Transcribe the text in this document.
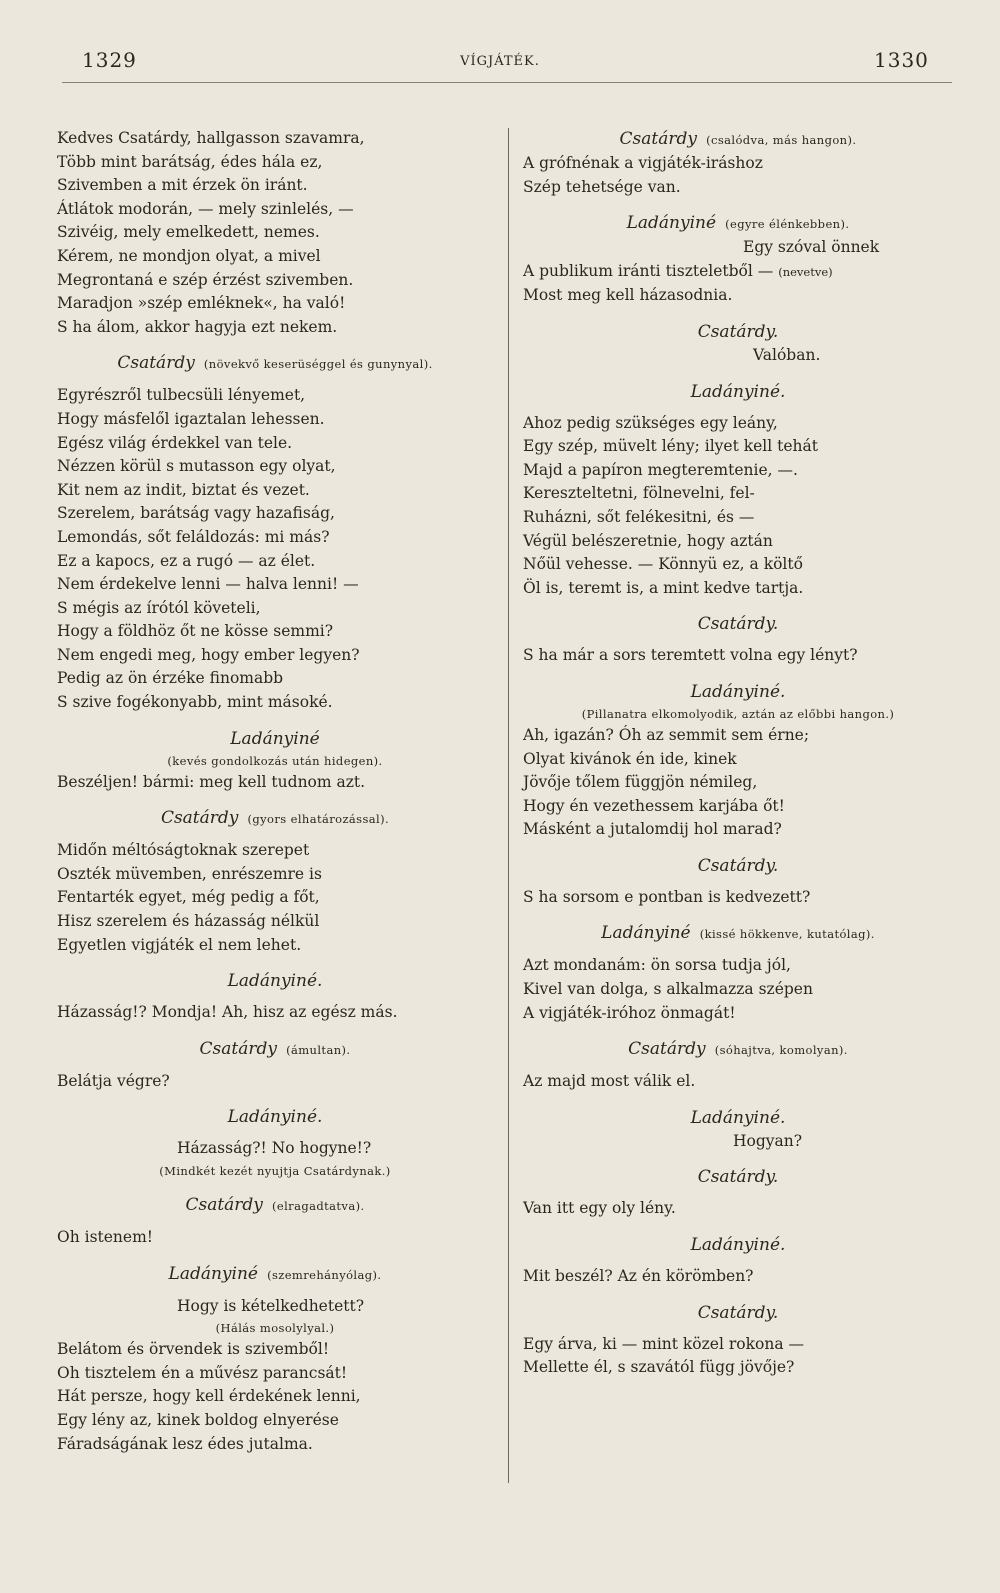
1329	VÍGJÁTÉK.	1330
Kedves Csatárdy, hallgasson szavamra,
Több mint barátság, édes hála ez,
Szivemben a mit érzek ön iránt.
Átlátok modorán, — mely szinlelés, —
Szivéig, mely emelkedett, nemes.
Kérem, ne mondjon olyat, a mivel
Megrontaná e szép érzést szivemben.
Maradjon »szép emléknek«, ha való!
S ha álom, akkor hagyja ezt nekem.
Csatárdy (növekvő keserüséggel és gunynyal).
Egyrészről tulbecsüli lényemet,
Hogy másfelől igaztalan lehessen.
Egész világ érdekkel van tele.
Nézzen körül s mutasson egy olyat,
Kit nem az indit, biztat és vezet.
Szerelem, barátság vagy hazafiság,
Lemondás, sőt feláldozás: mi más?
Ez a kapocs, ez a rugó — az élet.
Nem érdekelve lenni — halva lenni! —
S mégis az írótól követeli,
Hogy a földhöz őt ne kösse semmi?
Nem engedi meg, hogy ember legyen?
Pedig az ön érzéke finomabb
S szive fogékonyabb, mint másoké.
Ladányiné
(kevés gondolkozás után hidegen).
Beszéljen! bármi: meg kell tudnom azt.
Csatárdy (gyors elhatározással).
Midőn méltóságtoknak szerepet
Oszték müvemben, enrészemre is
Fentarték egyet, még pedig a főt,
Hisz szerelem és házasság nélkül
Egyetlen vigjáték el nem lehet.
Ladányiné.
Házasság!? Mondja! Ah, hisz az egész más.
Csatárdy (ámultan).
Belátja végre?
Ladányiné.
Házasság?! No hogyne!?
(Mindkét kezét nyujtja Csatárdynak.)
Csatárdy (elragadtatva).
Oh istenem!
Ladányiné (szemrehányólag).
Hogy is kételkedhetett?
(Hálás mosolylyal.)
Belátom és örvendek is szivemből!
Oh tisztelem én a művész parancsát!
Hát persze, hogy kell érdekének lenni,
Egy lény az, kinek boldog elnyerése
Fáradságának lesz édes jutalma.
Csatárdy (csalódva, más hangon).
A grófnénak a vigjáték-iráshoz
Szép tehetsége van.
Ladányiné (egyre élénkebben).
Egy szóval önnek
A publikum iránti tiszteletből — (nevetve)
Most meg kell házasodnia.
Csatárdy.
Valóban.
Ladányiné.
Ahoz pedig szükséges egy leány,
Egy szép, müvelt lény; ilyet kell tehát
Majd a papíron megteremtenie, —.
Kereszteltetni, fölnevelni, fel-
Ruházni, sőt felékesitni, és —
Végül belészeretnie, hogy aztán
Nőül vehesse. — Könnyü ez, a költő
Öl is, teremt is, a mint kedve tartja.
Csatárdy.
S ha már a sors teremtett volna egy lényt?
Ladányiné.
(Pillanatra elkomolyodik, aztán az előbbi hangon.)
Ah, igazán? Óh az semmit sem érne;
Olyat kivánok én ide, kinek
Jövője tőlem függjön némileg,
Hogy én vezethessem karjába őt!
Másként a jutalomdij hol marad?
Csatárdy.
S ha sorsom e pontban is kedvezett?
Ladányiné (kissé hökkenve, kutatólag).
Azt mondanám: ön sorsa tudja jól,
Kivel van dolga, s alkalmazza szépen
A vigjáték-iróhoz önmagát!
Csatárdy (sóhajtva, komolyan).
Az majd most válik el.
Ladányiné.
Hogyan?
Csatárdy.
Van itt egy oly lény.
Ladányiné.
Mit beszél? Az én körömben?
Csatárdy.
Egy árva, ki — mint közel rokona —
Mellette él, s szavától függ jövője?
